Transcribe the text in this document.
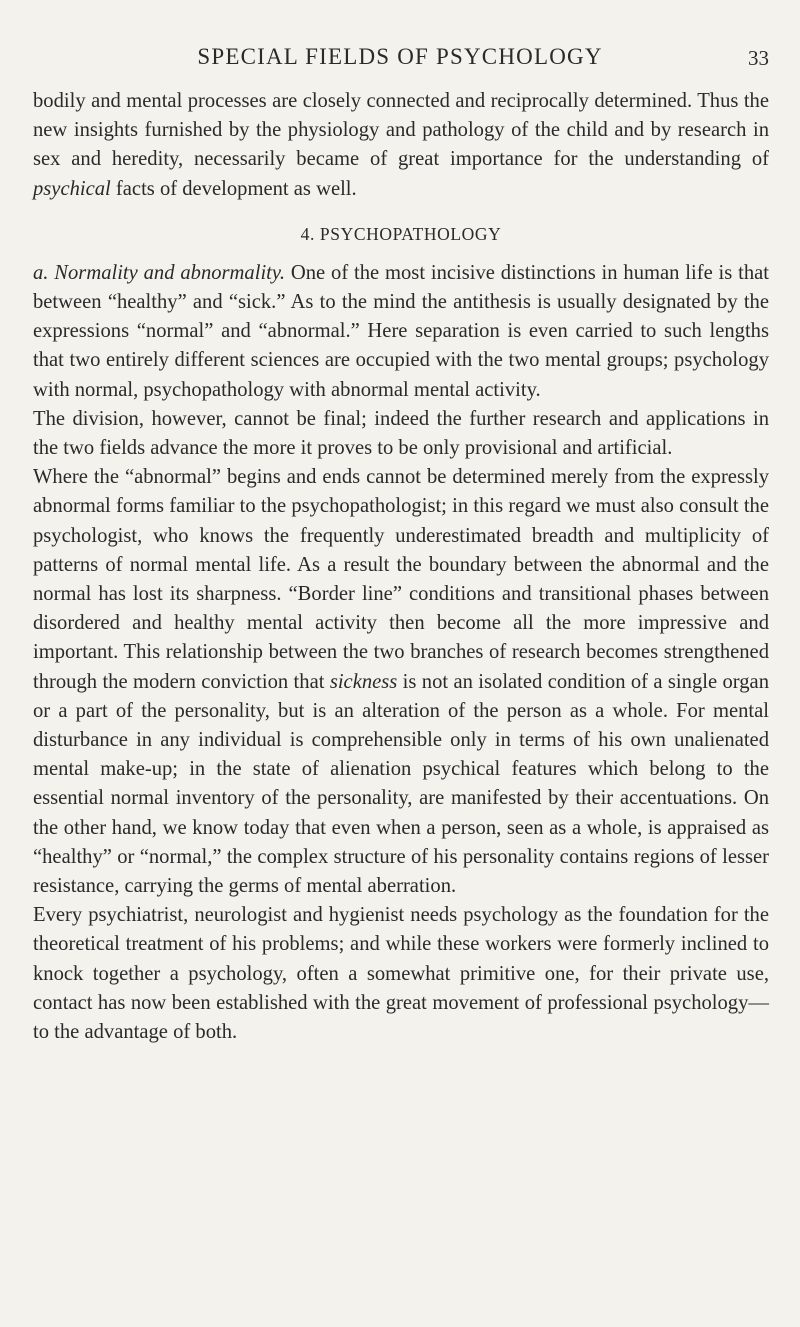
SPECIAL FIELDS OF PSYCHOLOGY	33

bodily and mental processes are closely connected and reciprocally determined. Thus the new insights furnished by the physiology and pathology of the child and by research in sex and heredity, necessarily became of great importance for the understanding of psychical facts of development as well.

4. PSYCHOPATHOLOGY

a. Normality and abnormality. One of the most incisive distinctions in human life is that between “healthy” and “sick.” As to the mind the antithesis is usually designated by the expressions “normal” and “abnormal.” Here separation is even carried to such lengths that two entirely different sciences are occupied with the two mental groups; psychology with normal, psychopathology with abnormal mental activity.

The division, however, cannot be final; indeed the further research and applications in the two fields advance the more it proves to be only provisional and artificial.

Where the “abnormal” begins and ends cannot be determined merely from the expressly abnormal forms familiar to the psychopathologist; in this regard we must also consult the psychologist, who knows the frequently underestimated breadth and multiplicity of patterns of normal mental life. As a result the boundary between the abnormal and the normal has lost its sharpness. “Border line” conditions and transitional phases between disordered and healthy mental activity then become all the more impressive and important. This relationship between the two branches of research becomes strengthened through the modern conviction that sickness is not an isolated condition of a single organ or a part of the personality, but is an alteration of the person as a whole. For mental disturbance in any individual is comprehensible only in terms of his own unalienated mental make-up; in the state of alienation psychical features which belong to the essential normal inventory of the personality, are manifested by their accentuations. On the other hand, we know today that even when a person, seen as a whole, is appraised as “healthy” or “normal,” the complex structure of his personality contains regions of lesser resistance, carrying the germs of mental aberration.

Every psychiatrist, neurologist and hygienist needs psychology as the foundation for the theoretical treatment of his problems; and while these workers were formerly inclined to knock together a psychology, often a somewhat primitive one, for their private use, contact has now been established with the great movement of professional psychology—to the advantage of both.
